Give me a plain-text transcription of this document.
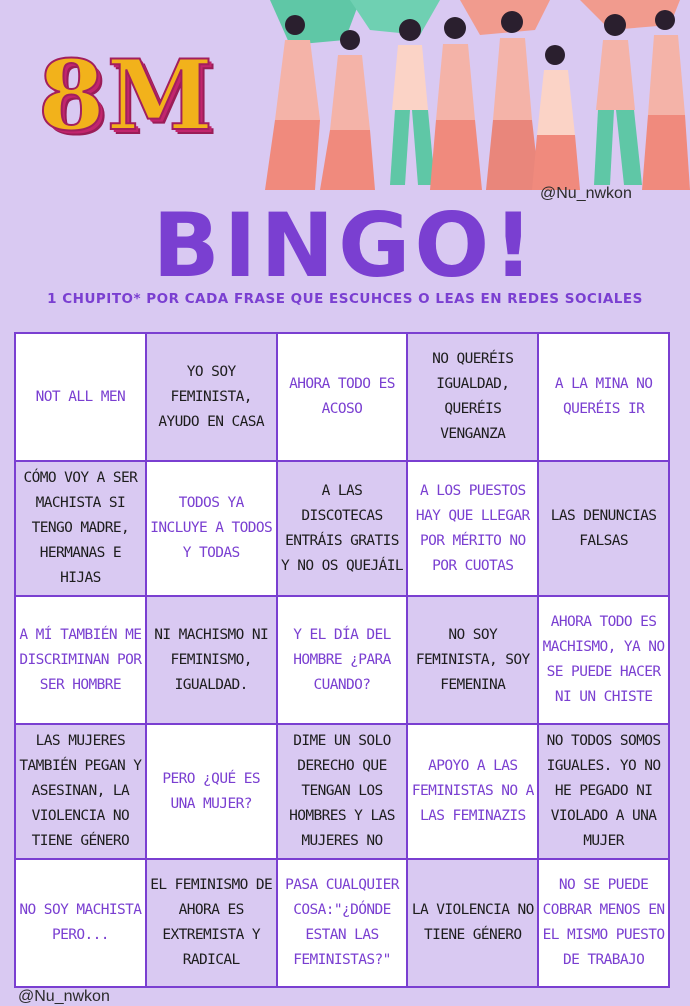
8M
@Nu_nwkon
BINGO!
1 CHUPITO* POR CADA FRASE QUE ESCUHCES O LEAS EN REDES SOCIALES
NOT ALL MEN
YO SOY FEMINISTA, AYUDO EN CASA
AHORA TODO ES ACOSO
NO QUERÉIS IGUALDAD, QUERÉIS VENGANZA
A LA MINA NO QUERÉIS IR
CÓMO VOY A SER MACHISTA SI TENGO MADRE, HERMANAS E HIJAS
TODOS YA INCLUYE A TODOS Y TODAS
A LAS DISCOTECAS ENTRÁIS GRATIS Y NO OS QUEJÁIL
A LOS PUESTOS HAY QUE LLEGAR POR MÉRITO NO POR CUOTAS
LAS DENUNCIAS FALSAS
A MÍ TAMBIÉN ME DISCRIMINAN POR SER HOMBRE
NI MACHISMO NI FEMINISMO, IGUALDAD.
Y EL DÍA DEL HOMBRE ¿PARA CUANDO?
NO SOY FEMINISTA, SOY FEMENINA
AHORA TODO ES MACHISMO, YA NO SE PUEDE HACER NI UN CHISTE
LAS MUJERES TAMBIÉN PEGAN Y ASESINAN, LA VIOLENCIA NO TIENE GÉNERO
PERO ¿QUÉ ES UNA MUJER?
DIME UN SOLO DERECHO QUE TENGAN LOS HOMBRES Y LAS MUJERES NO
APOYO A LAS FEMINISTAS NO A LAS FEMINAZIS
NO TODOS SOMOS IGUALES. YO NO HE PEGADO NI VIOLADO A UNA MUJER
NO SOY MACHISTA PERO...
EL FEMINISMO DE AHORA ES EXTREMISTA Y RADICAL
PASA CUALQUIER COSA:"¿DÓNDE ESTAN LAS FEMINISTAS?"
LA VIOLENCIA NO TIENE GÉNERO
NO SE PUEDE COBRAR MENOS EN EL MISMO PUESTO DE TRABAJO
@Nu_nwkon
